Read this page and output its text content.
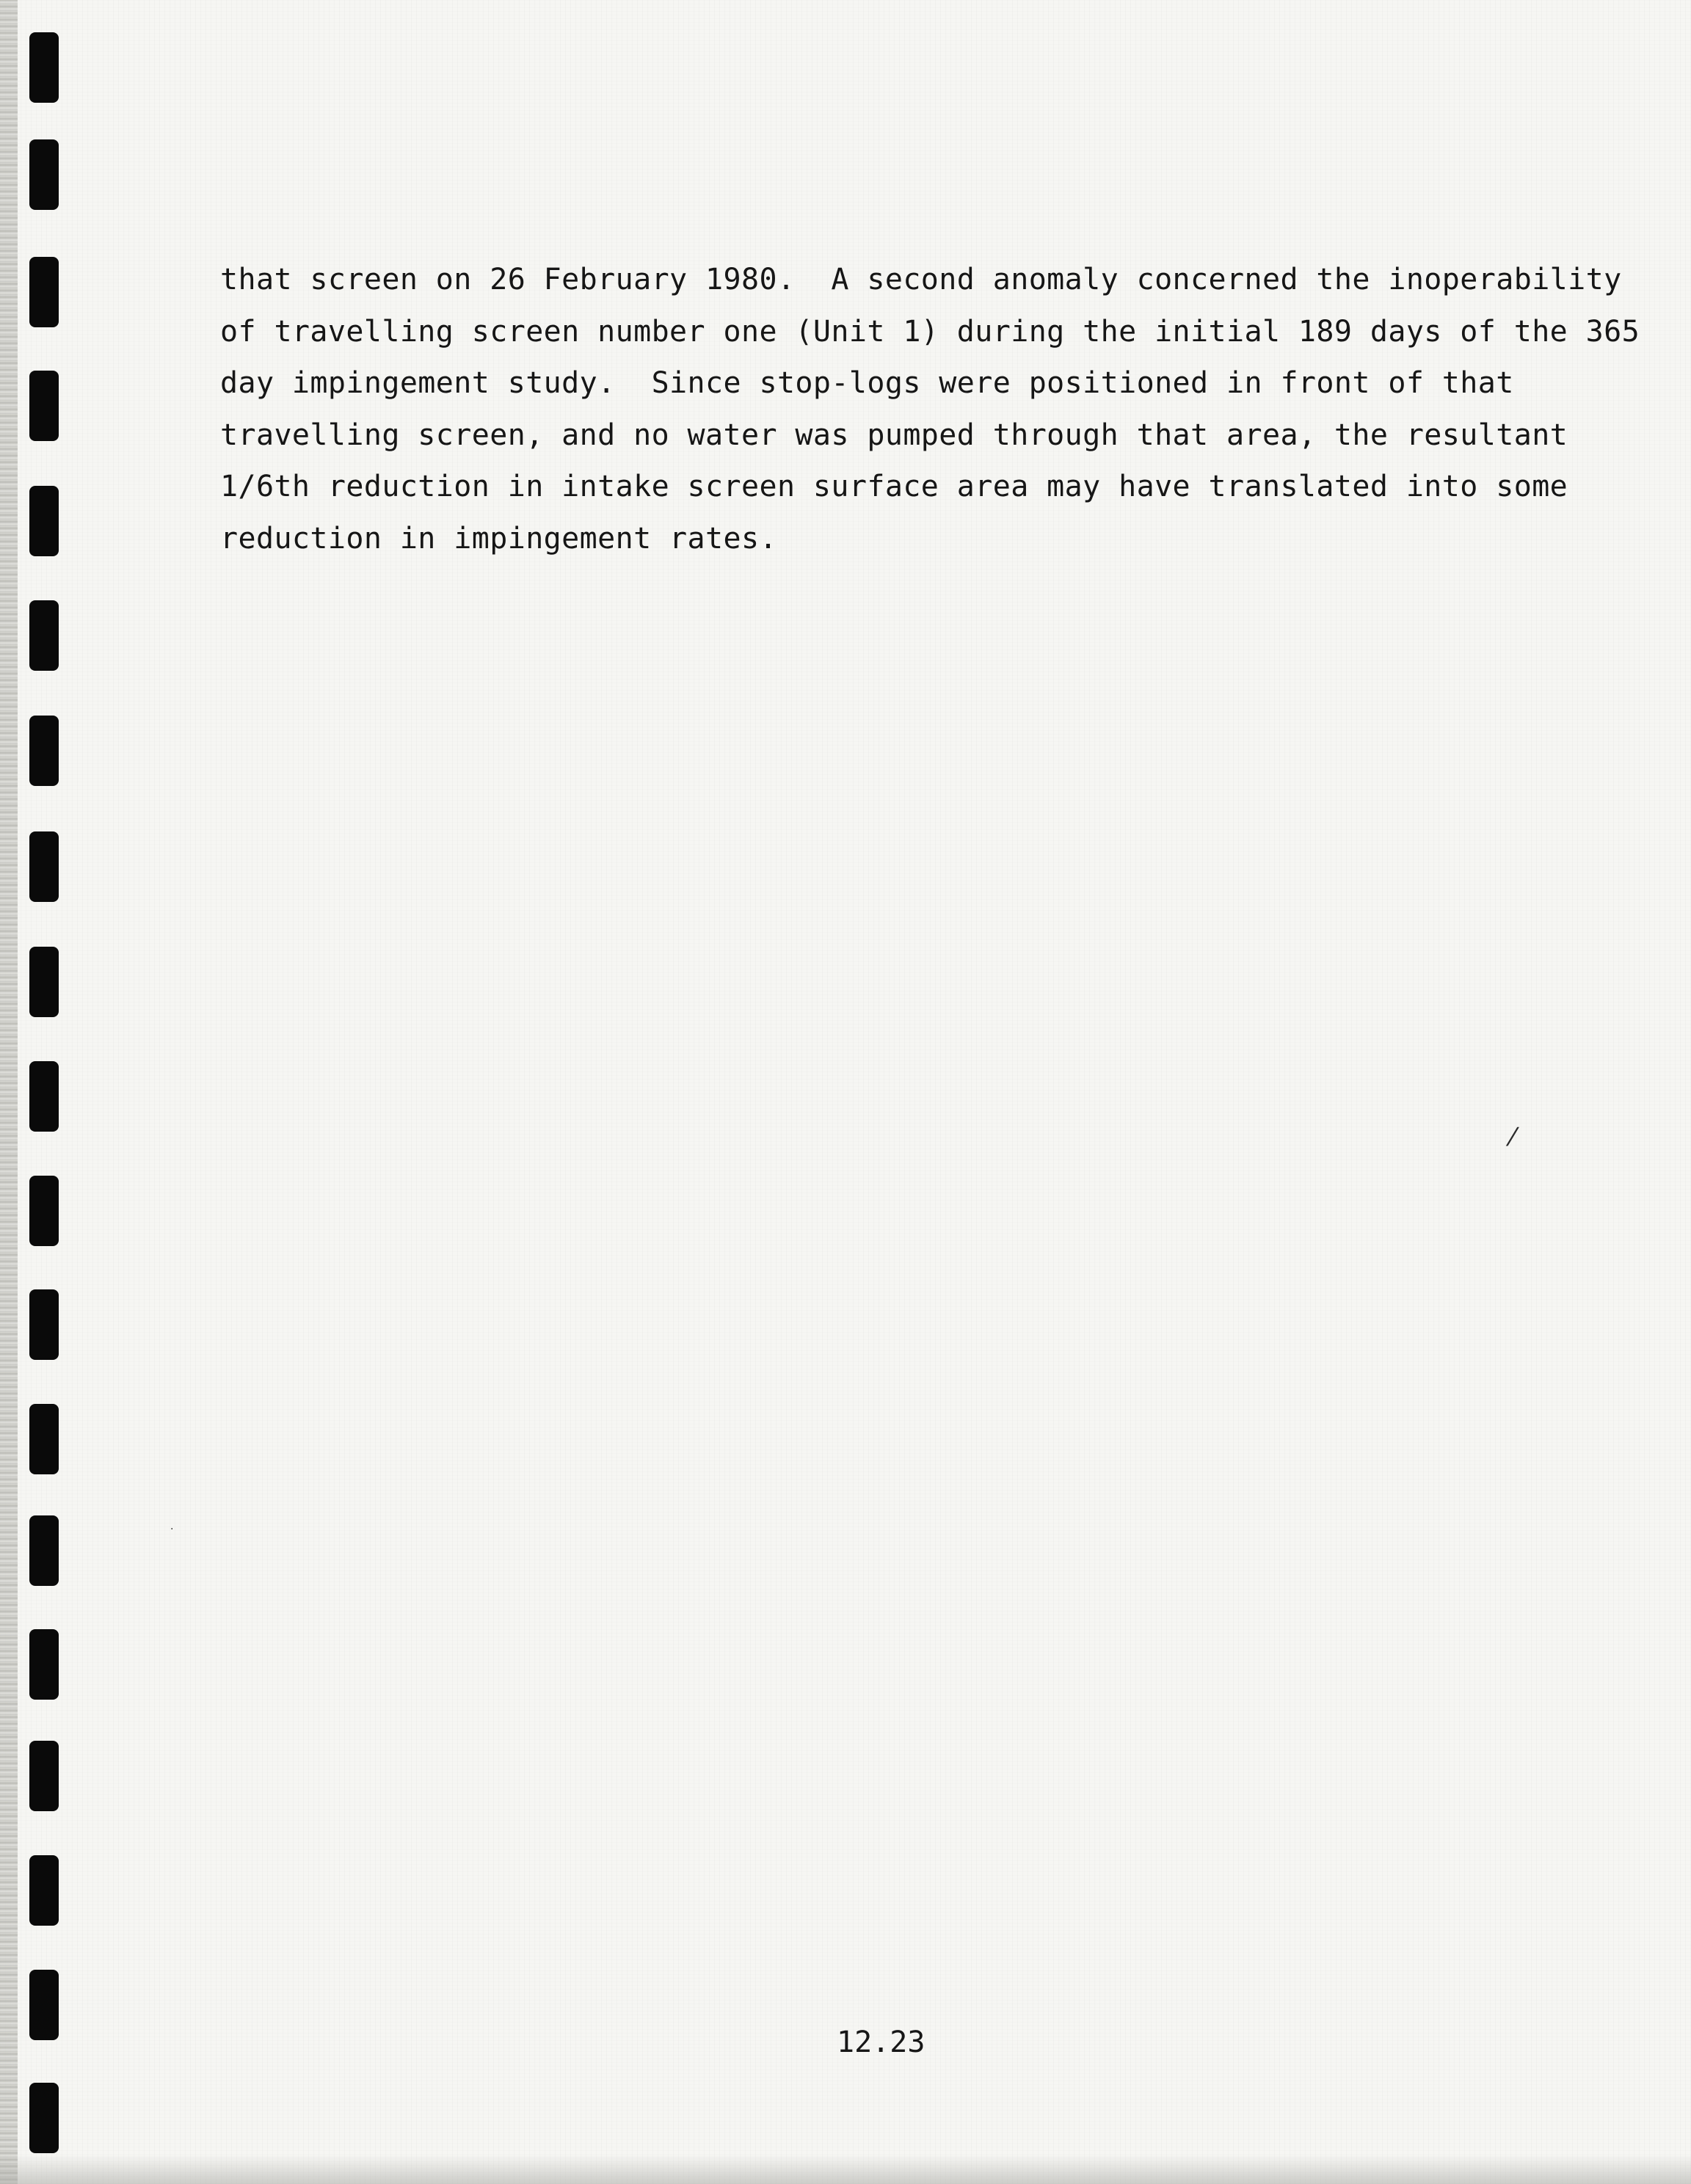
that screen on 26 February 1980.  A second anomaly concerned the inoperability
of travelling screen number one (Unit 1) during the initial 189 days of the 365
day impingement study.  Since stop-logs were positioned in front of that
travelling screen, and no water was pumped through that area, the resultant
1/6th reduction in intake screen surface area may have translated into some
reduction in impingement rates.
12.23
⁄
·
